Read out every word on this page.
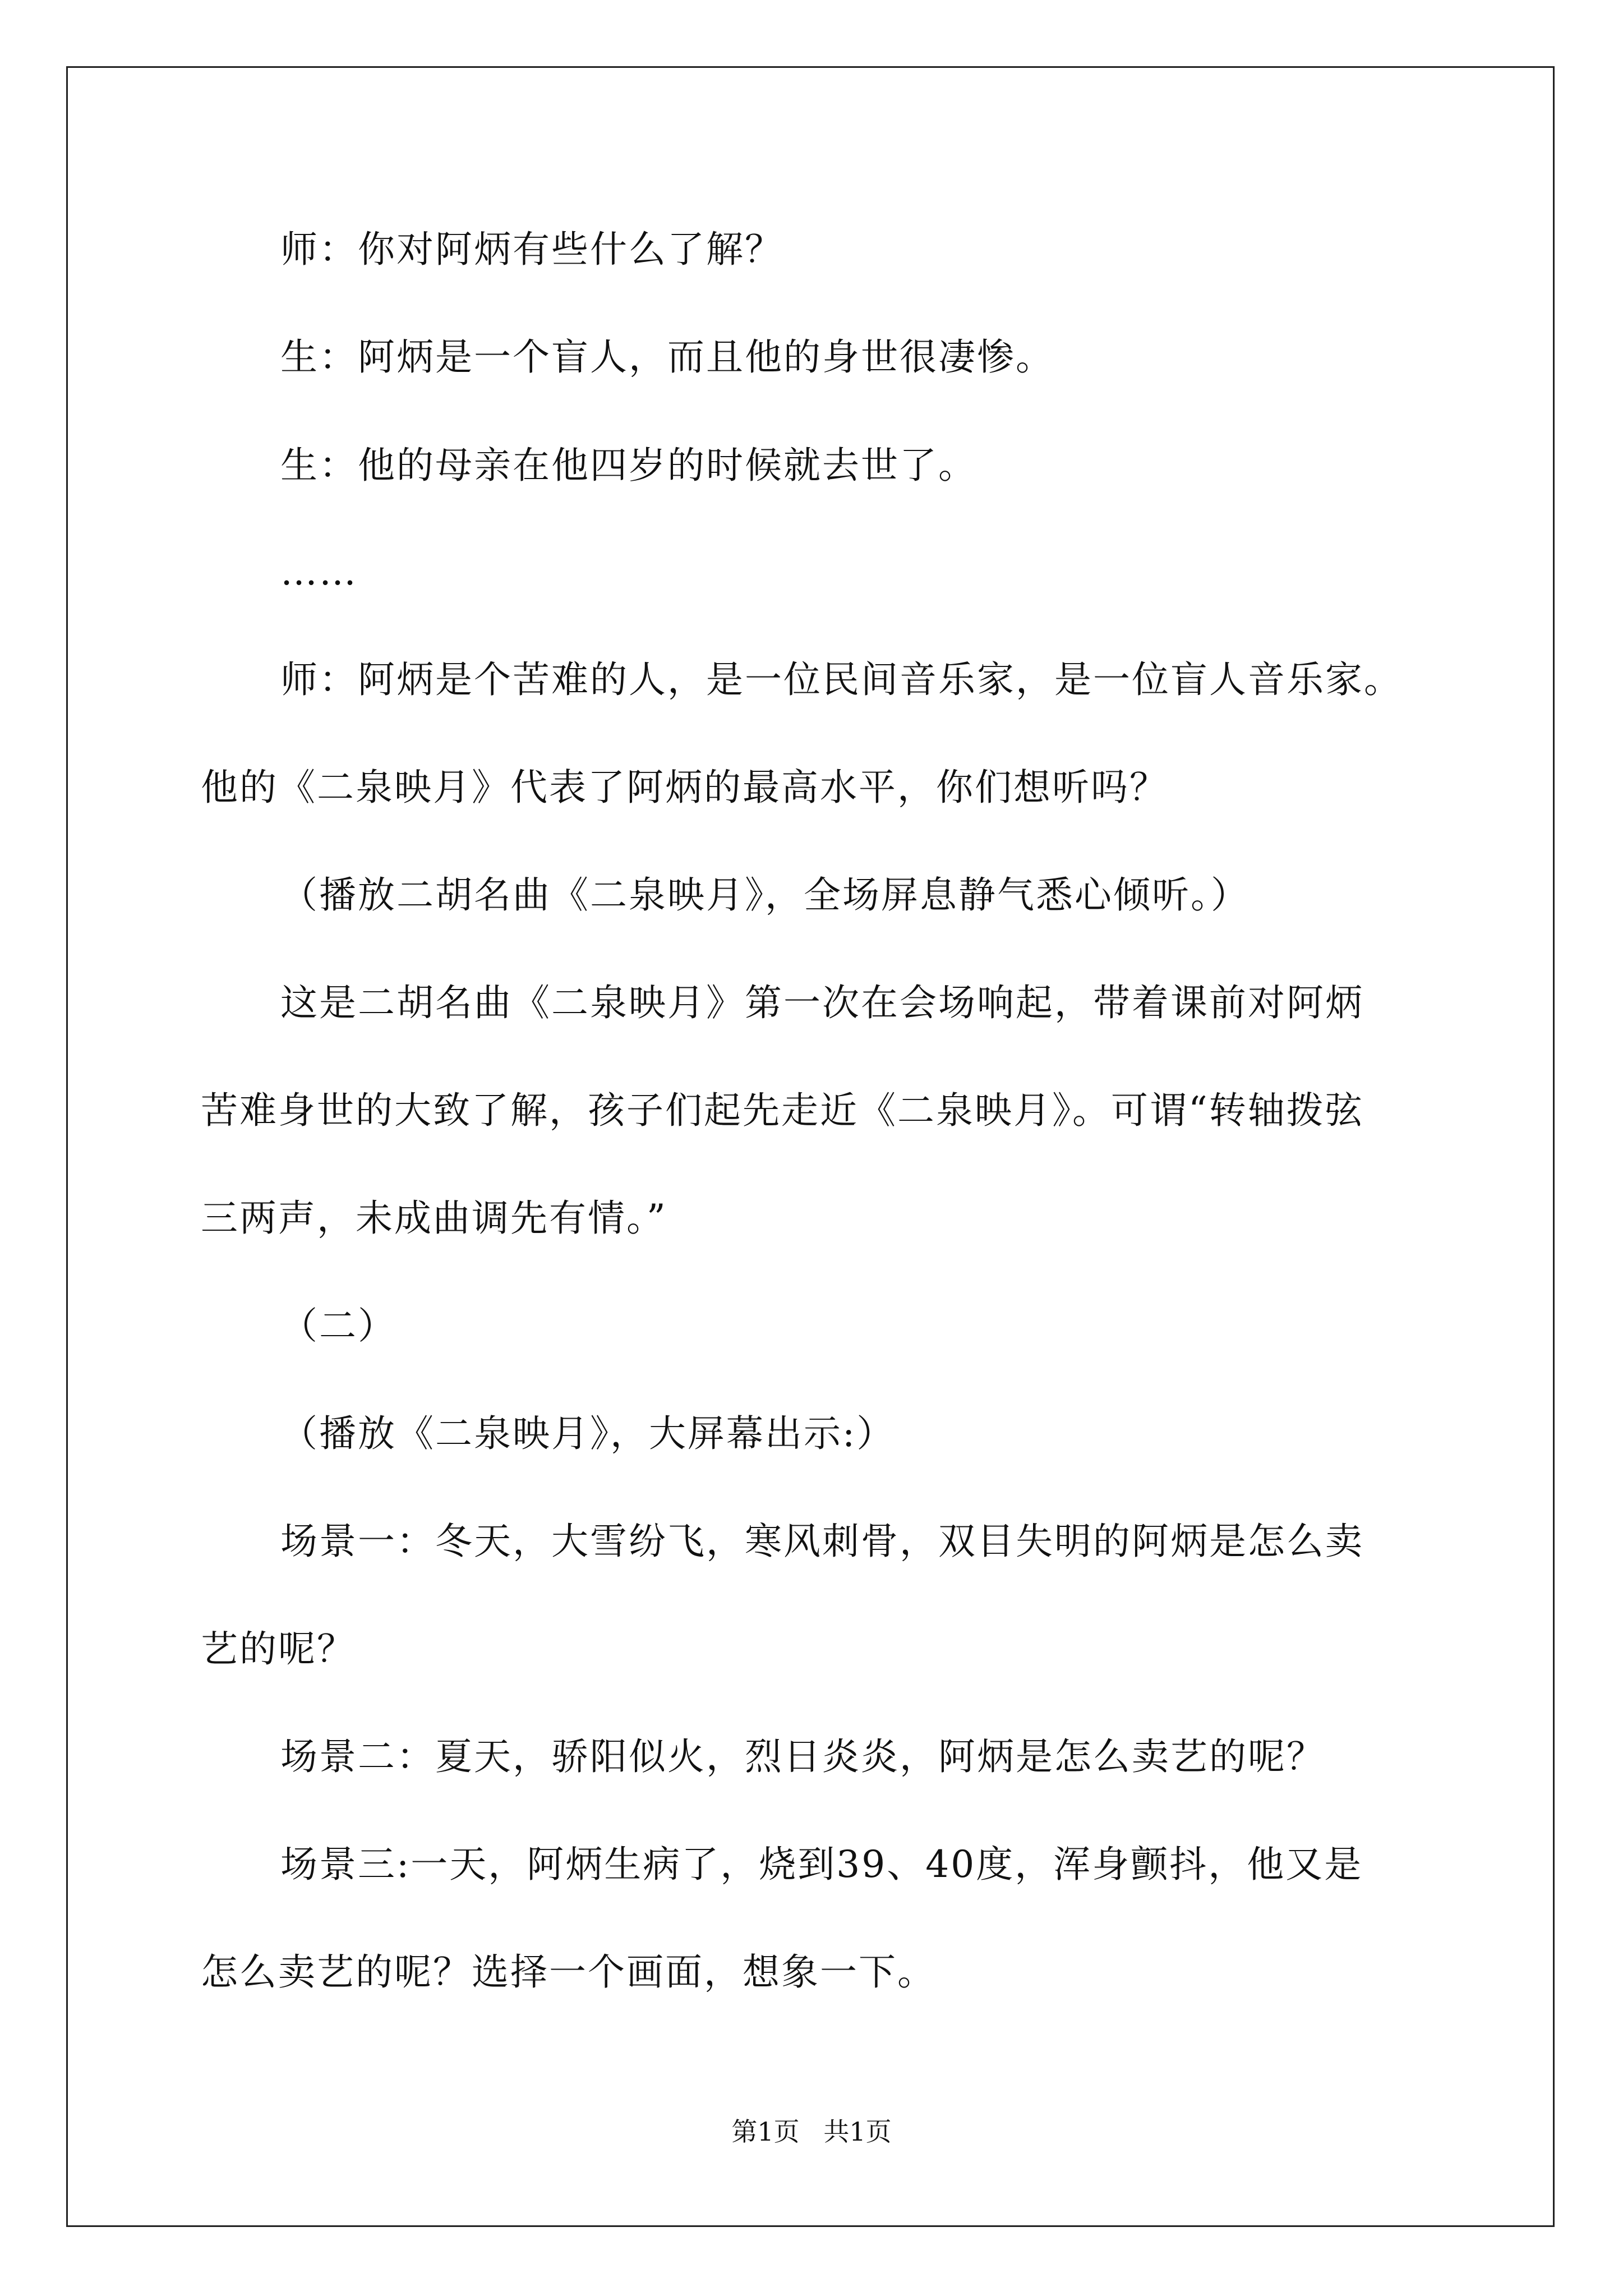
师：你对阿炳有些什么了解？
生：阿炳是一个盲人，而且他的身世很凄惨。
生：他的母亲在他四岁的时候就去世了。
……
师：阿炳是个苦难的人，是一位民间音乐家，是一位盲人音乐家。
他的《二泉映月》代表了阿炳的最高水平，你们想听吗？
（播放二胡名曲《二泉映月》，全场屏息静气悉心倾听。）
这是二胡名曲《二泉映月》第一次在会场响起，带着课前对阿炳
苦难身世的大致了解，孩子们起先走近《二泉映月》。可谓“转轴拨弦
三两声，未成曲调先有情。”
（二）
（播放《二泉映月》，大屏幕出示:）
场景一：冬天，大雪纷飞，寒风刺骨，双目失明的阿炳是怎么卖
艺的呢？
场景二：夏天，骄阳似火，烈日炎炎，阿炳是怎么卖艺的呢？
场景三:一天，阿炳生病了，烧到39、40度，浑身颤抖，他又是
怎么卖艺的呢？选择一个画面，想象一下。
第1页 共1页
